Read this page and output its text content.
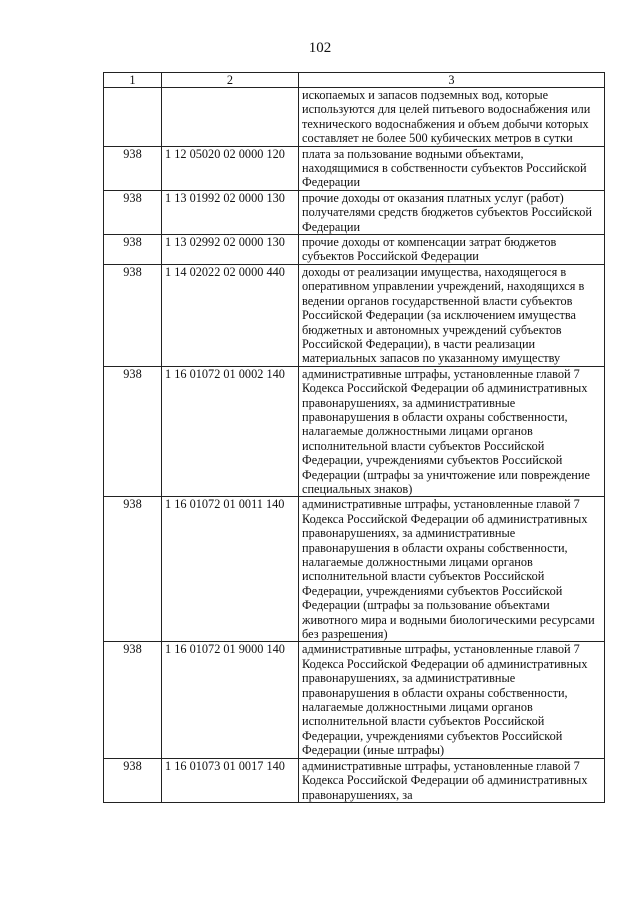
102
1	2	3
		ископаемых и запасов подземных вод, которые используются для целей питьевого водоснабжения или технического водоснабжения и объем добычи которых составляет не более 500 кубических метров в сутки
938	1 12 05020 02 0000 120	плата за пользование водными объектами, находящимися в собственности субъектов Российской Федерации
938	1 13 01992 02 0000 130	прочие доходы от оказания платных услуг (работ) получателями средств бюджетов субъектов Российской Федерации
938	1 13 02992 02 0000 130	прочие доходы от компенсации затрат бюджетов субъектов Российской Федерации
938	1 14 02022 02 0000 440	доходы от реализации имущества, находящегося в оперативном управлении учреждений, находящихся в ведении органов государственной власти субъектов Российской Федерации (за исключением имущества бюджетных и автономных учреждений субъектов Российской Федерации), в части реализации материальных запасов по указанному имуществу
938	1 16 01072 01 0002 140	административные штрафы, установленные главой 7 Кодекса Российской Федерации об административных правонарушениях, за административные правонарушения в области охраны собственности, налагаемые должностными лицами органов исполнительной власти субъектов Российской Федерации, учреждениями субъектов Российской Федерации (штрафы за уничтожение или повреждение специальных знаков)
938	1 16 01072 01 0011 140	административные штрафы, установленные главой 7 Кодекса Российской Федерации об административных правонарушениях, за административные правонарушения в области охраны собственности, налагаемые должностными лицами органов исполнительной власти субъектов Российской Федерации, учреждениями субъектов Российской Федерации (штрафы за пользование объектами животного мира и водными биологическими ресурсами без разрешения)
938	1 16 01072 01 9000 140	административные штрафы, установленные главой 7 Кодекса Российской Федерации об административных правонарушениях, за административные правонарушения в области охраны собственности, налагаемые должностными лицами органов исполнительной власти субъектов Российской Федерации, учреждениями субъектов Российской Федерации (иные штрафы)
938	1 16 01073 01 0017 140	административные штрафы, установленные главой 7 Кодекса Российской Федерации об административных правонарушениях, за
